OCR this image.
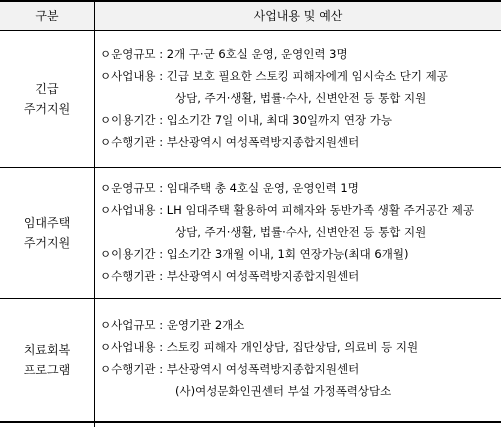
구분	사업내용 및 예산
긴급
주거지원
ㅇ운영규모 : 2개 구·군 6호실 운영, 운영인력 3명
ㅇ사업내용 : 긴급 보호 필요한 스토킹 피해자에게 임시숙소 단기 제공
상담, 주거·생활, 법률·수사, 신변안전 등 통합 지원
ㅇ이용기간 : 입소기간 7일 이내, 최대 30일까지 연장 가능
ㅇ수행기관 : 부산광역시 여성폭력방지종합지원센터
임대주택
주거지원
ㅇ운영규모 : 임대주택 총 4호실 운영, 운영인력 1명
ㅇ사업내용 : LH 임대주택 활용하여 피해자와 동반가족 생활 주거공간 제공
상담, 주거·생활, 법률·수사, 신변안전 등 통합 지원
ㅇ이용기간 : 입소기간 3개월 이내, 1회 연장가능(최대 6개월)
ㅇ수행기관 : 부산광역시 여성폭력방지종합지원센터
치료회복
프로그램
ㅇ사업규모 : 운영기관 2개소
ㅇ사업내용 : 스토킹 피해자 개인상담, 집단상담, 의료비 등 지원
ㅇ수행기관 : 부산광역시 여성폭력방지종합지원센터
(사)여성문화인권센터 부설 가정폭력상담소
